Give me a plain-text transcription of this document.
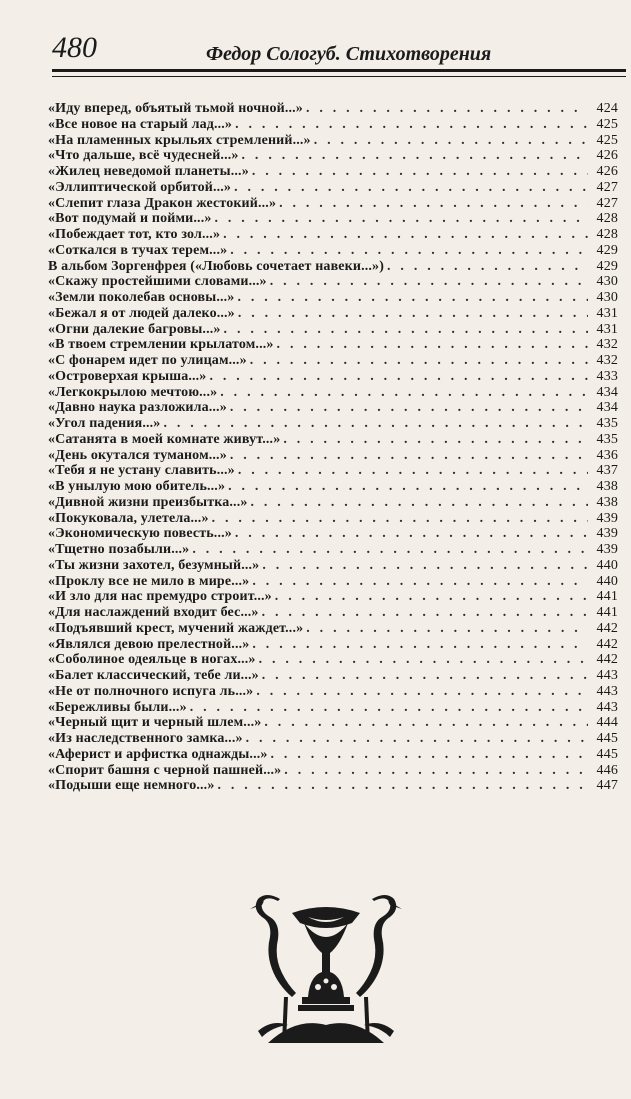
480	Федор Сологуб. Стихотворения
«Иду вперед, объятый тьмой ночной...» . . .	424
«Все новое на старый лад...» . . .	425
«На пламенных крыльях стремлений...» . . .	425
«Что дальше, всё чудесней...» . . .	426
«Жилец неведомой планеты...» . . .	426
«Эллиптической орбитой...» . . .	427
«Слепит глаза Дракон жестокий...» . . .	427
«Вот подумай и пойми...» . . .	428
«Побеждает тот, кто зол...» . . .	428
«Соткался в тучах терем...» . . .	429
В альбом Зоргенфрея («Любовь сочетает навеки...») . . .	429
«Скажу простейшими словами...» . . .	430
«Земли поколебав основы...» . . .	430
«Бежал я от людей далеко...» . . .	431
«Огни далекие багровы...» . . .	431
«В твоем стремлении крылатом...» . . .	432
«С фонарем идет по улицам...» . . .	432
«Островерхая крыша...» . . .	433
«Легкокрылою мечтою...» . . .	434
«Давно наука разложила...» . . .	434
«Угол падения...» . . .	435
«Сатанята в моей комнате живут...» . . .	435
«День окутался туманом...» . . .	436
«Тебя я не устану славить...» . . .	437
«В унылую мою обитель...» . . .	438
«Дивной жизни преизбытка...» . . .	438
«Покуковала, улетела...» . . .	439
«Экономическую повесть...» . . .	439
«Тщетно позабыли...» . . .	439
«Ты жизни захотел, безумный...» . . .	440
«Проклу все не мило в мире...» . . .	440
«И зло для нас премудро строит...» . . .	441
«Для наслаждений входит бес...» . . .	441
«Подъявший крест, мучений жаждет...» . . .	442
«Являлся девою прелестной...» . . .	442
«Соболиное одеяльце в ногах...» . . .	442
«Балет классический, тебе ли...» . . .	443
«Не от полночного испуга ль...» . . .	443
«Бережливы были...» . . .	443
«Черный щит и черный шлем...» . . .	444
«Из наследственного замка...» . . .	445
«Аферист и арфистка однажды...» . . .	445
«Спорит башня с черной пашней...» . . .	446
«Подыши еще немного...» . . .	447
